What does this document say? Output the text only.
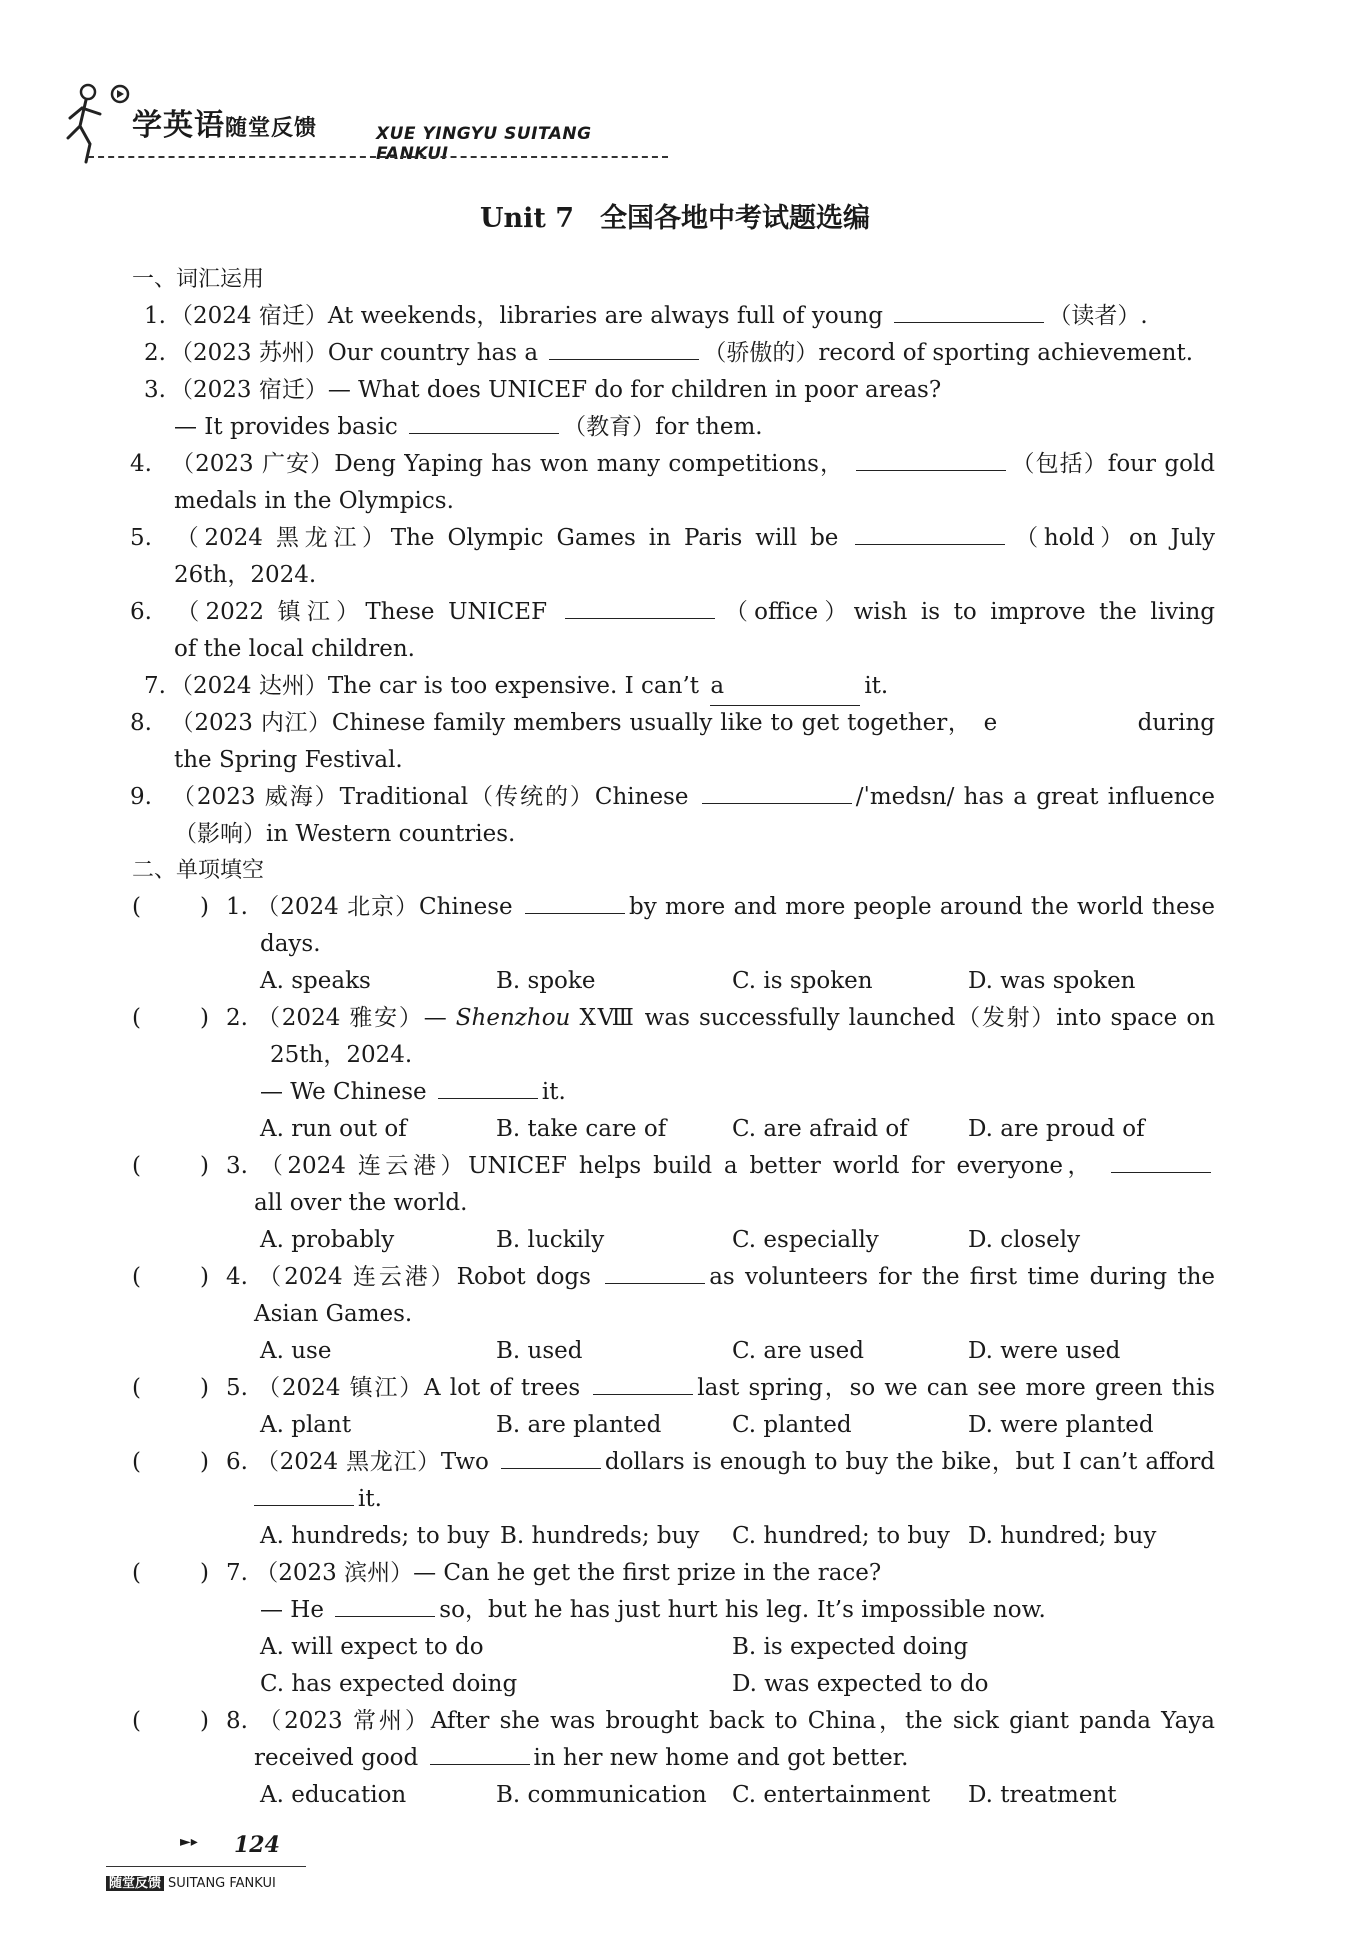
学英语随堂反馈	XUE YINGYU SUITANG FANKUI
Unit 7 全国各地中考试题选编
一、词汇运用
1. （2024 宿迁）At weekends，libraries are always full of young	（读者）.
2. （2023 苏州）Our country has a	（骄傲的）record of sporting achievement.
3. （2023 宿迁）— What does UNICEF do for children in poor areas?
— It provides basic	（教育）for them.
4. （2023 广安）Deng Yaping has won many competitions，	（包括）four gold
medals in the Olympics.
5. （2024 黑龙江）The Olympic Games in Paris will be	（hold）on July
26th，2024.
6. （2022 镇江）These UNICEF	（office）wish is to improve the living
of the local children.
7. （2024 达州）The car is too expensive. I can’t a	it.
8. （2023 内江）Chinese family members usually like to get together， e	during
the Spring Festival.
9. （2023 威海）Traditional（传统的）Chinese	/ˈmedsn/ has a great influence
（影响）in Western countries.
二、单项填空
(	) 1. （2024 北京）Chinese	by more and more people around the world these
days.
A. speaks	B. spoke	C. is spoken	D. was spoken
(	) 2. （2024 雅安）— Shenzhou XⅧ was successfully launched（发射）into space on
25th，2024.
— We Chinese	it.
A. run out of	B. take care of	C. are afraid of	D. are proud of
(	) 3. （2024 连云港）UNICEF helps build a better world for everyone，
all over the world.
A. probably	B. luckily	C. especially	D. closely
(	) 4. （2024 连云港）Robot dogs	as volunteers for the first time during the
Asian Games.
A. use	B. used	C. are used	D. were used
(	) 5. （2024 镇江）A lot of trees	last spring，so we can see more green this
A. plant	B. are planted	C. planted	D. were planted
(	) 6. （2024 黑龙江）Two	dollars is enough to buy the bike，but I can’t afford
it.
A. hundreds; to buy B. hundreds; buy C. hundred; to buy D. hundred; buy
(	) 7. （2023 滨州）— Can he get the first prize in the race?
— He	so，but he has just hurt his leg. It’s impossible now.
A. will expect to do	B. is expected doing
C. has expected doing	D. was expected to do
(	) 8. （2023 常州）After she was brought back to China，the sick giant panda Yaya
received good	in her new home and got better.
A. education	B. communication C. entertainment D. treatment
►▸ 124
随堂反馈 SUITANG FANKUI
